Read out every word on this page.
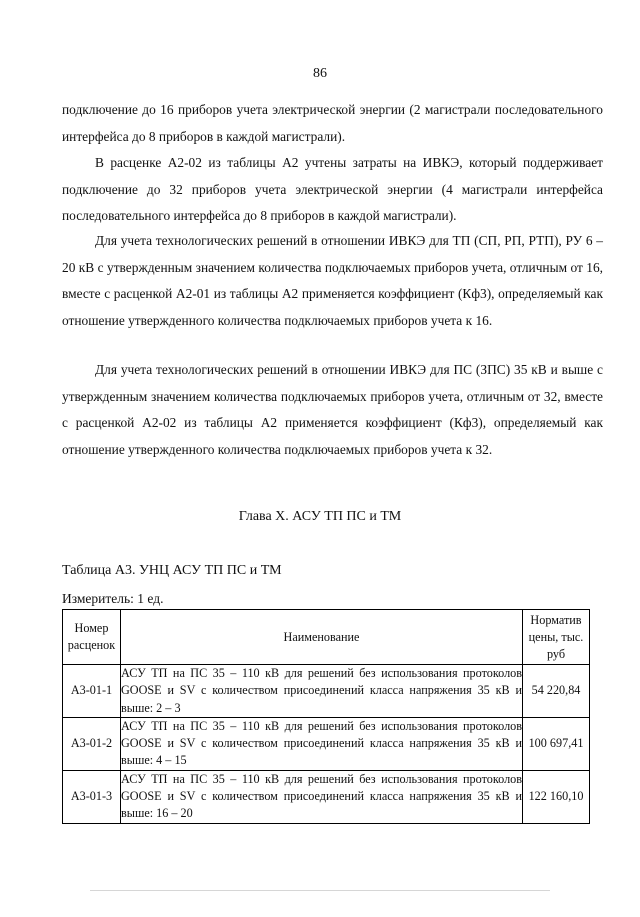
86

подключение до 16 приборов учета электрической энергии (2 магистрали последовательного интерфейса до 8 приборов в каждой магистрали).

В расценке А2-02 из таблицы А2 учтены затраты на ИВКЭ, который поддерживает подключение до 32 приборов учета электрической энергии (4 магистрали интерфейса последовательного интерфейса до 8 приборов в каждой магистрали).

Для учета технологических решений в отношении ИВКЭ для ТП (СП, РП, РТП), РУ 6 – 20 кВ с утвержденным значением количества подключаемых приборов учета, отличным от 16, вместе с расценкой А2-01 из таблицы А2 применяется коэффициент (Кф3), определяемый как отношение утвержденного количества подключаемых приборов учета к 16.

Для учета технологических решений в отношении ИВКЭ для ПС (ЗПС) 35 кВ и выше с утвержденным значением количества подключаемых приборов учета, отличным от 32, вместе с расценкой А2-02 из таблицы А2 применяется коэффициент (Кф3), определяемый как отношение утвержденного количества подключаемых приборов учета к 32.

Глава X. АСУ ТП ПС и ТМ
Таблица А3. УНЦ АСУ ТП ПС и ТМ
Измеритель: 1 ед.
Номер расценок	Наименование	Норматив цены, тыс. руб
А3-01-1	АСУ ТП на ПС 35 – 110 кВ для решений без использования протоколов GOOSE и SV с количеством присоединений класса напряжения 35 кВ и выше: 2 – 3	54 220,84
А3-01-2	АСУ ТП на ПС 35 – 110 кВ для решений без использования протоколов GOOSE и SV с количеством присоединений класса напряжения 35 кВ и выше: 4 – 15	100 697,41
А3-01-3	АСУ ТП на ПС 35 – 110 кВ для решений без использования протоколов GOOSE и SV с количеством присоединений класса напряжения 35 кВ и выше: 16 – 20	122 160,10
